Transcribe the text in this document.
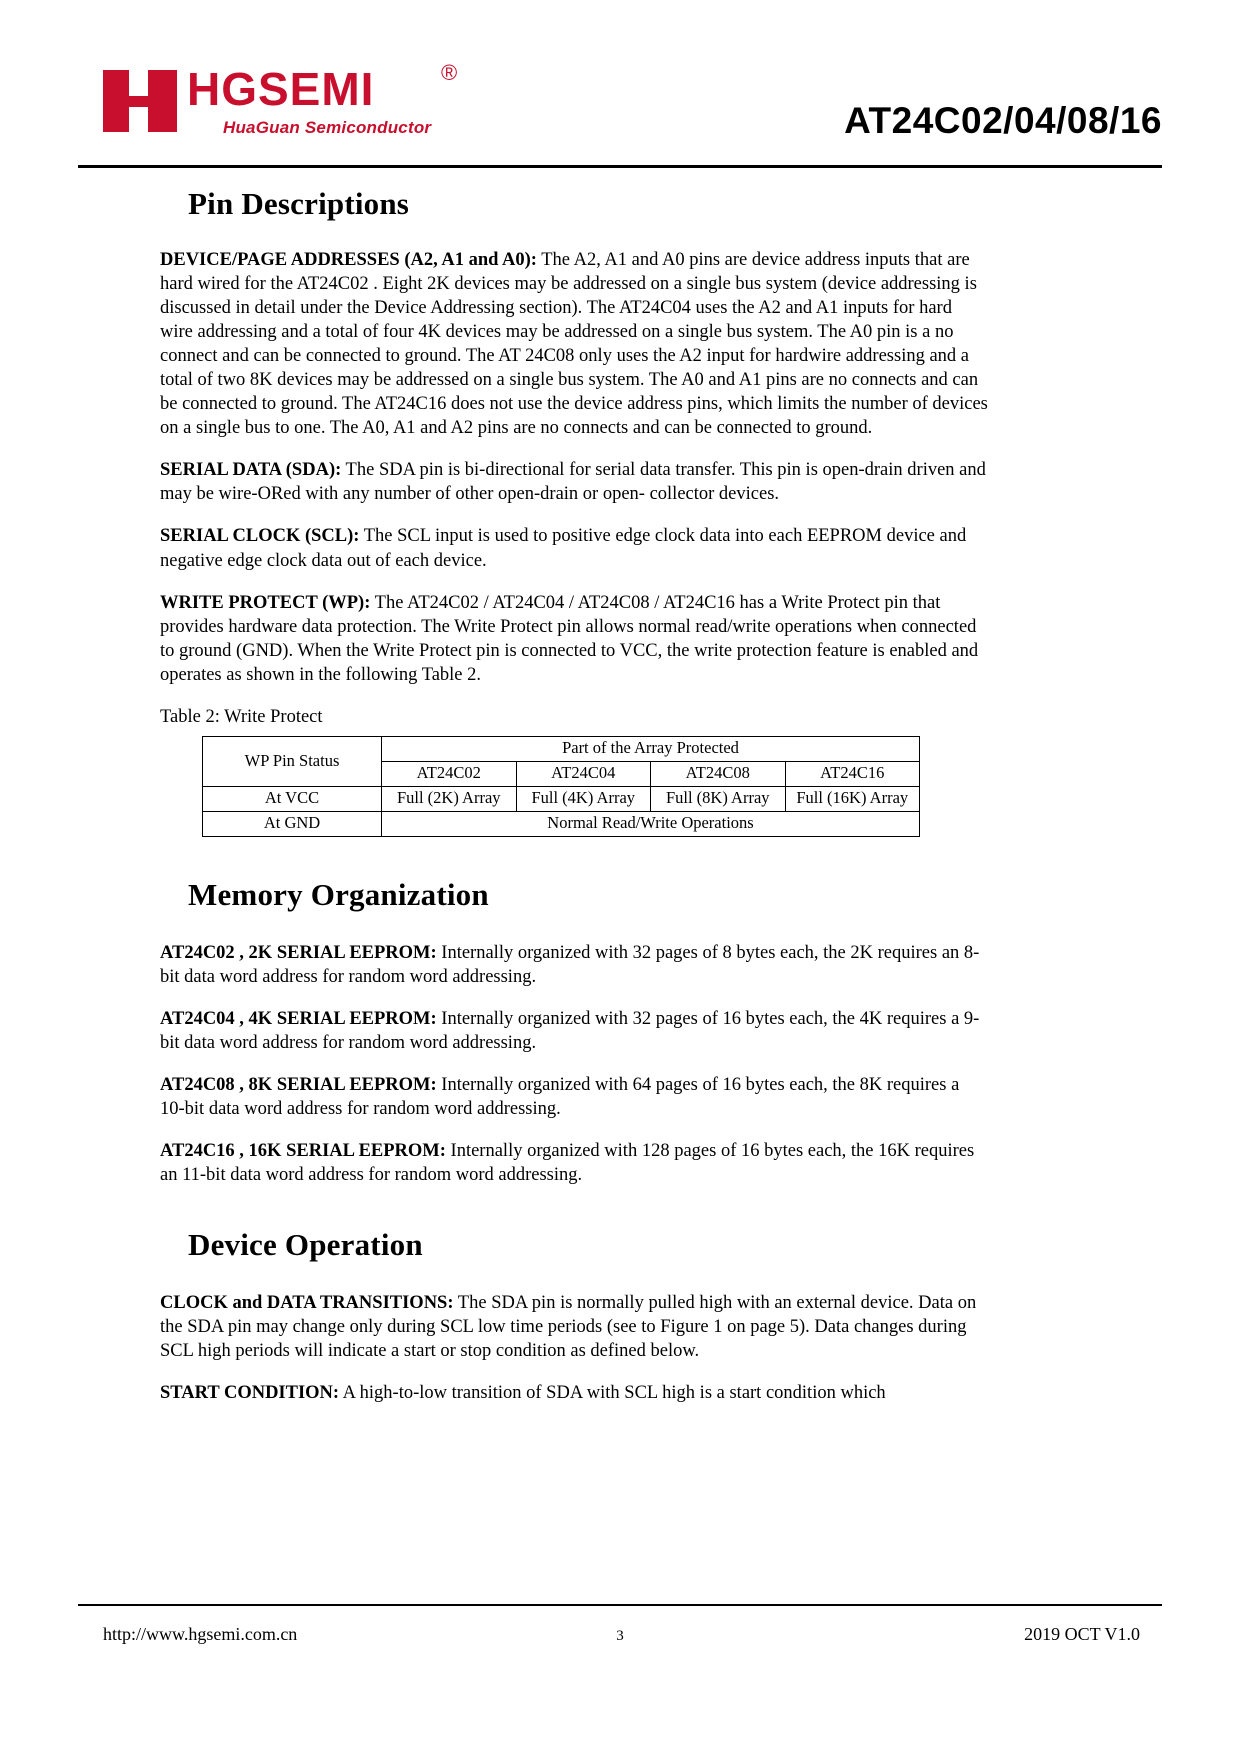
HGSEMI	®
HuaGuan Semiconductor	AT24C02/04/08/16
Pin Descriptions

DEVICE/PAGE ADDRESSES (A2, A1 and A0): The A2, A1 and A0 pins are device address inputs that are hard wired for the AT24C02 . Eight 2K devices may be addressed on a single bus system (device addressing is discussed in detail under the Device Addressing section). The AT24C04 uses the A2 and A1 inputs for hard wire addressing and a total of four 4K devices may be addressed on a single bus system. The A0 pin is a no connect and can be connected to ground. The AT 24C08 only uses the A2 input for hardwire addressing and a total of two 8K devices may be addressed on a single bus system. The A0 and A1 pins are no connects and can be connected to ground. The AT24C16 does not use the device address pins, which limits the number of devices on a single bus to one. The A0, A1 and A2 pins are no connects and can be connected to ground.

SERIAL DATA (SDA): The SDA pin is bi-directional for serial data transfer. This pin is open-drain driven and may be wire-ORed with any number of other open-drain or open- collector devices.

SERIAL CLOCK (SCL): The SCL input is used to positive edge clock data into each EEPROM device and negative edge clock data out of each device.

WRITE PROTECT (WP): The AT24C02 / AT24C04 / AT24C08 / AT24C16 has a Write Protect pin that provides hardware data protection. The Write Protect pin allows normal read/write operations when connected to ground (GND). When the Write Protect pin is connected to VCC, the write protection feature is enabled and operates as shown in the following Table 2.

Table 2: Write Protect

WP Pin Status	Part of the Array Protected			
	AT24C02	AT24C04	AT24C08	AT24C16
At VCC	Full (2K) Array	Full (4K) Array	Full (8K) Array	Full (16K) Array
At GND	Normal Read/Write Operations			
Memory Organization

AT24C02 , 2K SERIAL EEPROM: Internally organized with 32 pages of 8 bytes each, the 2K requires an 8-bit data word address for random word addressing.

AT24C04 , 4K SERIAL EEPROM: Internally organized with 32 pages of 16 bytes each, the 4K requires a 9-bit data word address for random word addressing.

AT24C08 , 8K SERIAL EEPROM: Internally organized with 64 pages of 16 bytes each, the 8K requires a 10-bit data word address for random word addressing.

AT24C16 , 16K SERIAL EEPROM: Internally organized with 128 pages of 16 bytes each, the 16K requires an 11-bit data word address for random word addressing.

Device Operation

CLOCK and DATA TRANSITIONS: The SDA pin is normally pulled high with an external device. Data on the SDA pin may change only during SCL low time periods (see to Figure 1 on page 5). Data changes during SCL high periods will indicate a start or stop condition as defined below.

START CONDITION: A high-to-low transition of SDA with SCL high is a start condition which

http://www.hgsemi.com.cn	3	2019 OCT V1.0
